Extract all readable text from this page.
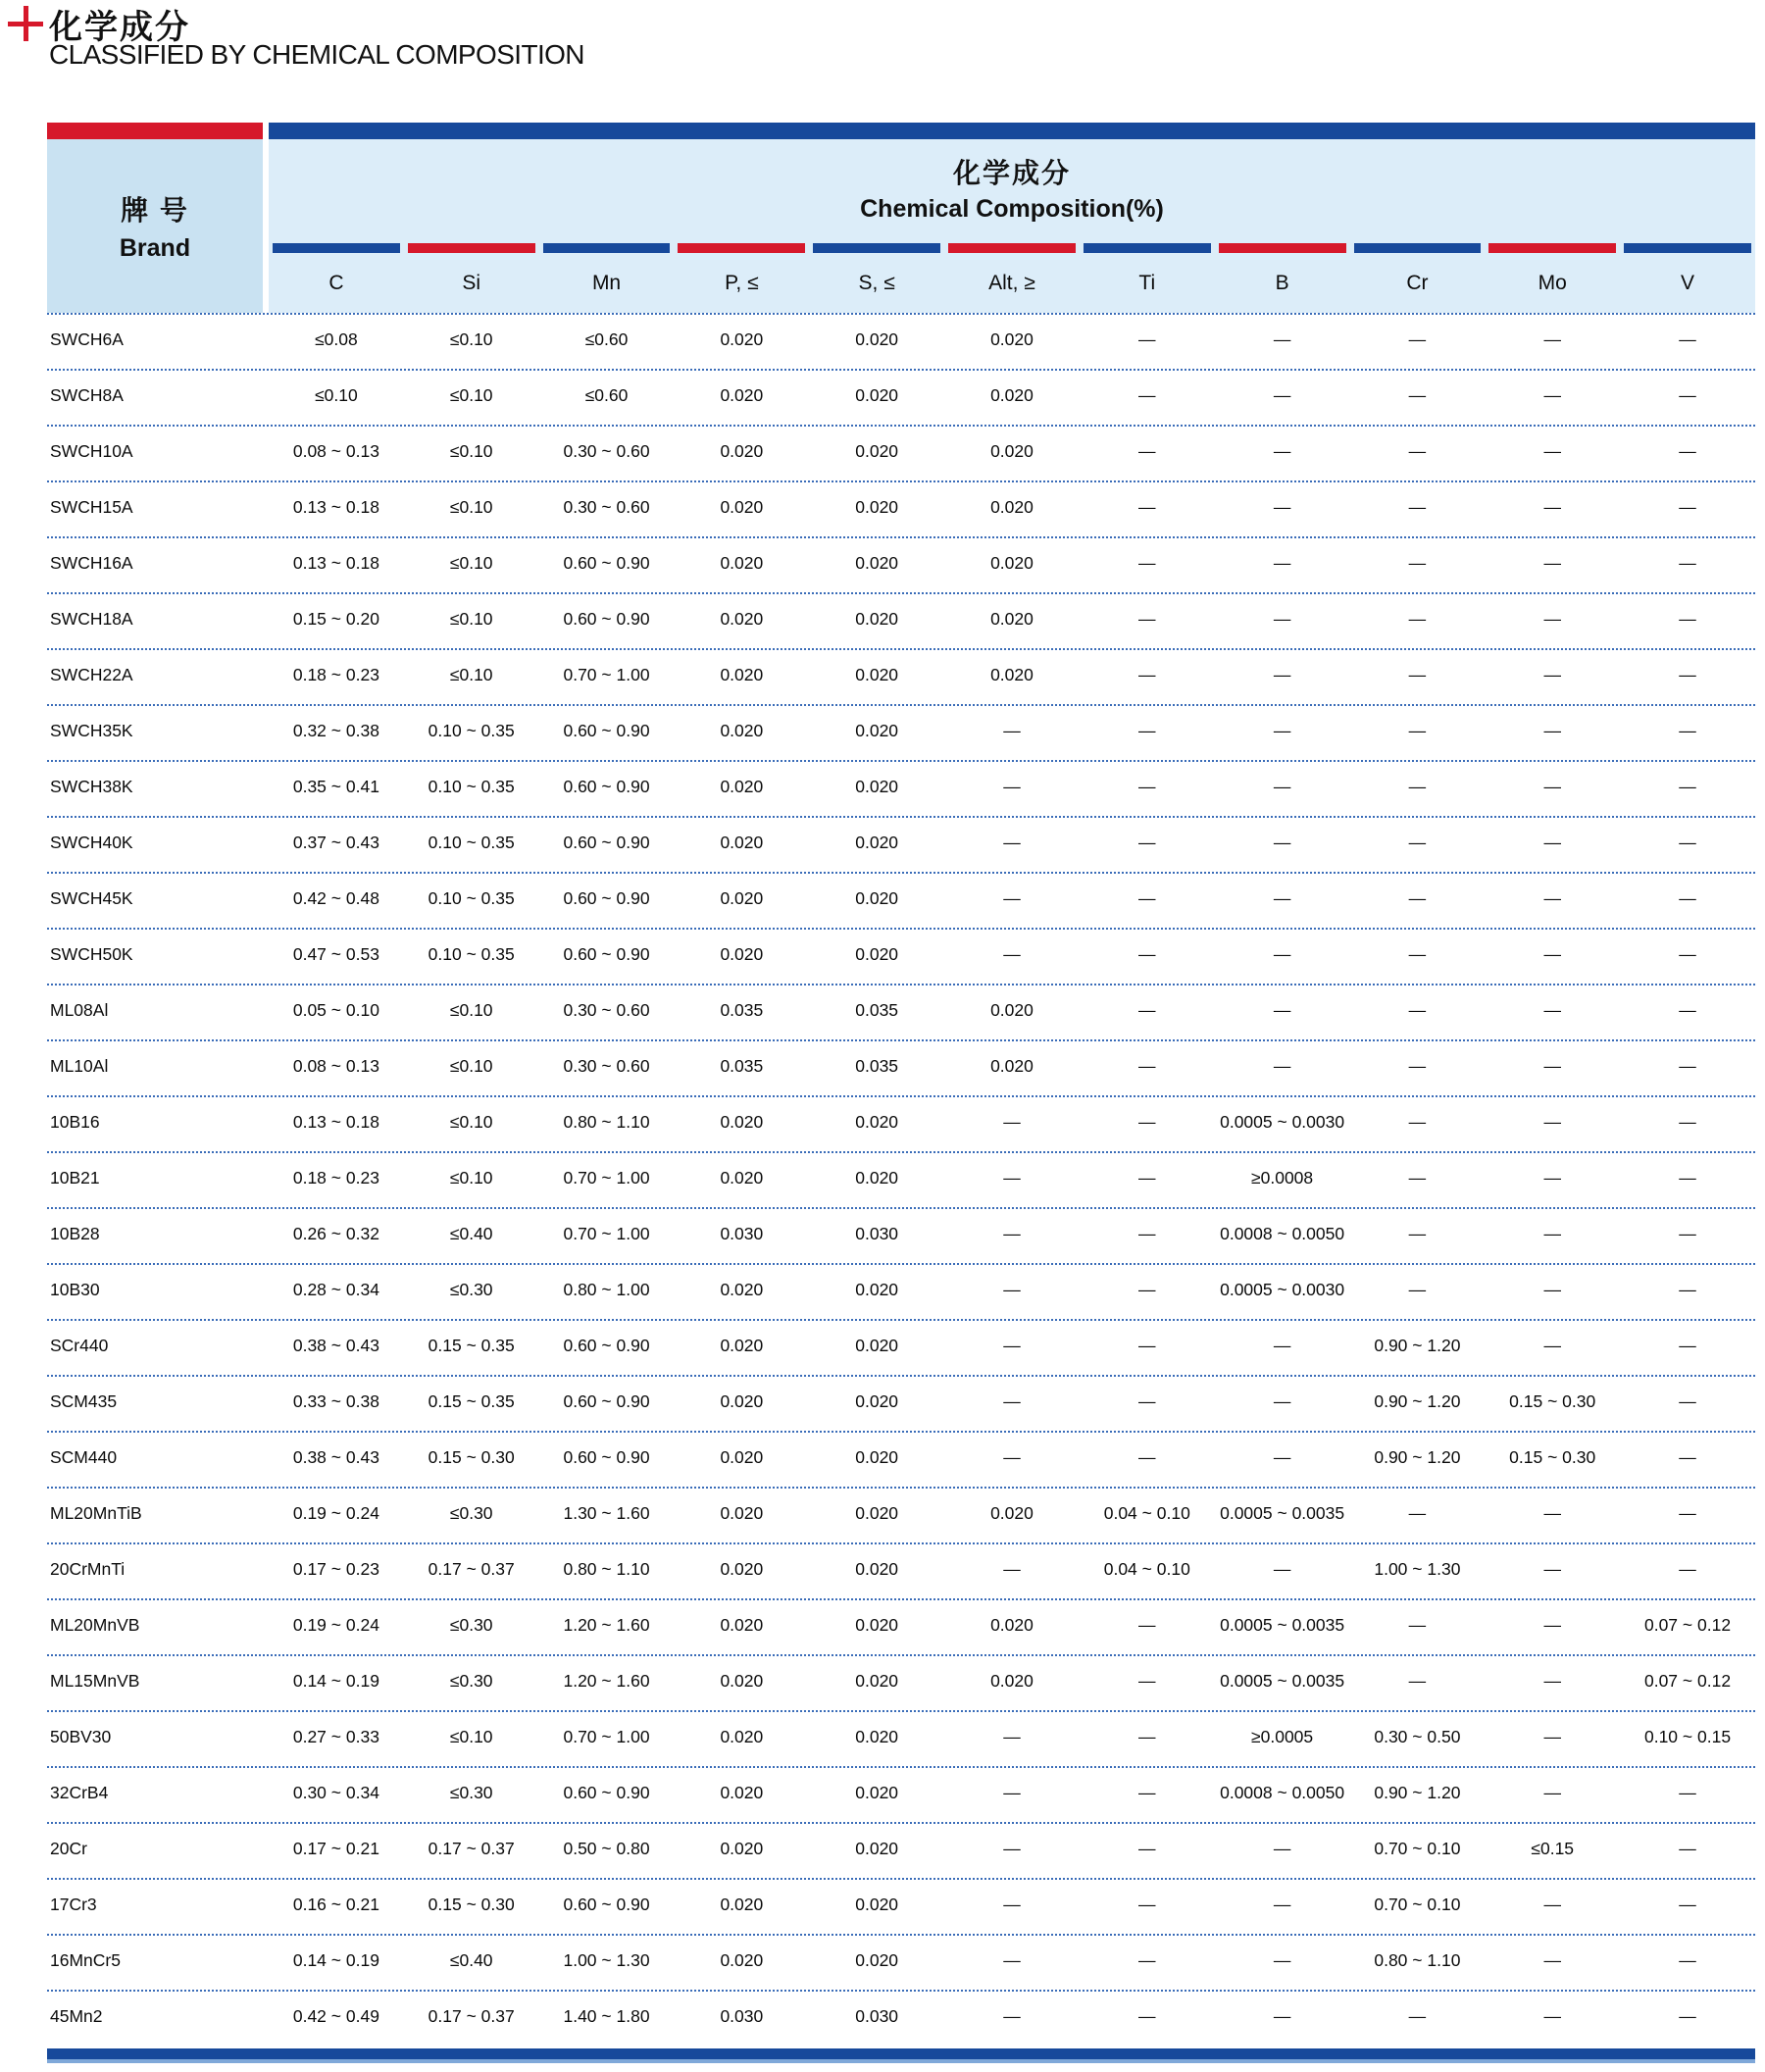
化学成分
CLASSIFIED BY CHEMICAL COMPOSITION
牌 号
Brand
化学成分
Chemical Composition(%)
C	Si	Mn	P, ≤	S, ≤	Alt, ≥	Ti	B	Cr	Mo	V
SWCH6A	≤0.08	≤0.10	≤0.60	0.020	0.020	0.020	—	—	—	—	—
SWCH8A	≤0.10	≤0.10	≤0.60	0.020	0.020	0.020	—	—	—	—	—
SWCH10A	0.08 ~ 0.13	≤0.10	0.30 ~ 0.60	0.020	0.020	0.020	—	—	—	—	—
SWCH15A	0.13 ~ 0.18	≤0.10	0.30 ~ 0.60	0.020	0.020	0.020	—	—	—	—	—
SWCH16A	0.13 ~ 0.18	≤0.10	0.60 ~ 0.90	0.020	0.020	0.020	—	—	—	—	—
SWCH18A	0.15 ~ 0.20	≤0.10	0.60 ~ 0.90	0.020	0.020	0.020	—	—	—	—	—
SWCH22A	0.18 ~ 0.23	≤0.10	0.70 ~ 1.00	0.020	0.020	0.020	—	—	—	—	—
SWCH35K	0.32 ~ 0.38	0.10 ~ 0.35	0.60 ~ 0.90	0.020	0.020	—	—	—	—	—	—
SWCH38K	0.35 ~ 0.41	0.10 ~ 0.35	0.60 ~ 0.90	0.020	0.020	—	—	—	—	—	—
SWCH40K	0.37 ~ 0.43	0.10 ~ 0.35	0.60 ~ 0.90	0.020	0.020	—	—	—	—	—	—
SWCH45K	0.42 ~ 0.48	0.10 ~ 0.35	0.60 ~ 0.90	0.020	0.020	—	—	—	—	—	—
SWCH50K	0.47 ~ 0.53	0.10 ~ 0.35	0.60 ~ 0.90	0.020	0.020	—	—	—	—	—	—
ML08Al	0.05 ~ 0.10	≤0.10	0.30 ~ 0.60	0.035	0.035	0.020	—	—	—	—	—
ML10Al	0.08 ~ 0.13	≤0.10	0.30 ~ 0.60	0.035	0.035	0.020	—	—	—	—	—
10B16	0.13 ~ 0.18	≤0.10	0.80 ~ 1.10	0.020	0.020	—	—	0.0005 ~ 0.0030	—	—	—
10B21	0.18 ~ 0.23	≤0.10	0.70 ~ 1.00	0.020	0.020	—	—	≥0.0008	—	—	—
10B28	0.26 ~ 0.32	≤0.40	0.70 ~ 1.00	0.030	0.030	—	—	0.0008 ~ 0.0050	—	—	—
10B30	0.28 ~ 0.34	≤0.30	0.80 ~ 1.00	0.020	0.020	—	—	0.0005 ~ 0.0030	—	—	—
SCr440	0.38 ~ 0.43	0.15 ~ 0.35	0.60 ~ 0.90	0.020	0.020	—	—	—	0.90 ~ 1.20	—	—
SCM435	0.33 ~ 0.38	0.15 ~ 0.35	0.60 ~ 0.90	0.020	0.020	—	—	—	0.90 ~ 1.20	0.15 ~ 0.30	—
SCM440	0.38 ~ 0.43	0.15 ~ 0.30	0.60 ~ 0.90	0.020	0.020	—	—	—	0.90 ~ 1.20	0.15 ~ 0.30	—
ML20MnTiB	0.19 ~ 0.24	≤0.30	1.30 ~ 1.60	0.020	0.020	0.020	0.04 ~ 0.10	0.0005 ~ 0.0035	—	—	—
20CrMnTi	0.17 ~ 0.23	0.17 ~ 0.37	0.80 ~ 1.10	0.020	0.020	—	0.04 ~ 0.10	—	1.00 ~ 1.30	—	—
ML20MnVB	0.19 ~ 0.24	≤0.30	1.20 ~ 1.60	0.020	0.020	0.020	—	0.0005 ~ 0.0035	—	—	0.07 ~ 0.12
ML15MnVB	0.14 ~ 0.19	≤0.30	1.20 ~ 1.60	0.020	0.020	0.020	—	0.0005 ~ 0.0035	—	—	0.07 ~ 0.12
50BV30	0.27 ~ 0.33	≤0.10	0.70 ~ 1.00	0.020	0.020	—	—	≥0.0005	0.30 ~ 0.50	—	0.10 ~ 0.15
32CrB4	0.30 ~ 0.34	≤0.30	0.60 ~ 0.90	0.020	0.020	—	—	0.0008 ~ 0.0050	0.90 ~ 1.20	—	—
20Cr	0.17 ~ 0.21	0.17 ~ 0.37	0.50 ~ 0.80	0.020	0.020	—	—	—	0.70 ~ 0.10	≤0.15	—
17Cr3	0.16 ~ 0.21	0.15 ~ 0.30	0.60 ~ 0.90	0.020	0.020	—	—	—	0.70 ~ 0.10	—	—
16MnCr5	0.14 ~ 0.19	≤0.40	1.00 ~ 1.30	0.020	0.020	—	—	—	0.80 ~ 1.10	—	—
45Mn2	0.42 ~ 0.49	0.17 ~ 0.37	1.40 ~ 1.80	0.030	0.030	—	—	—	—	—	—
